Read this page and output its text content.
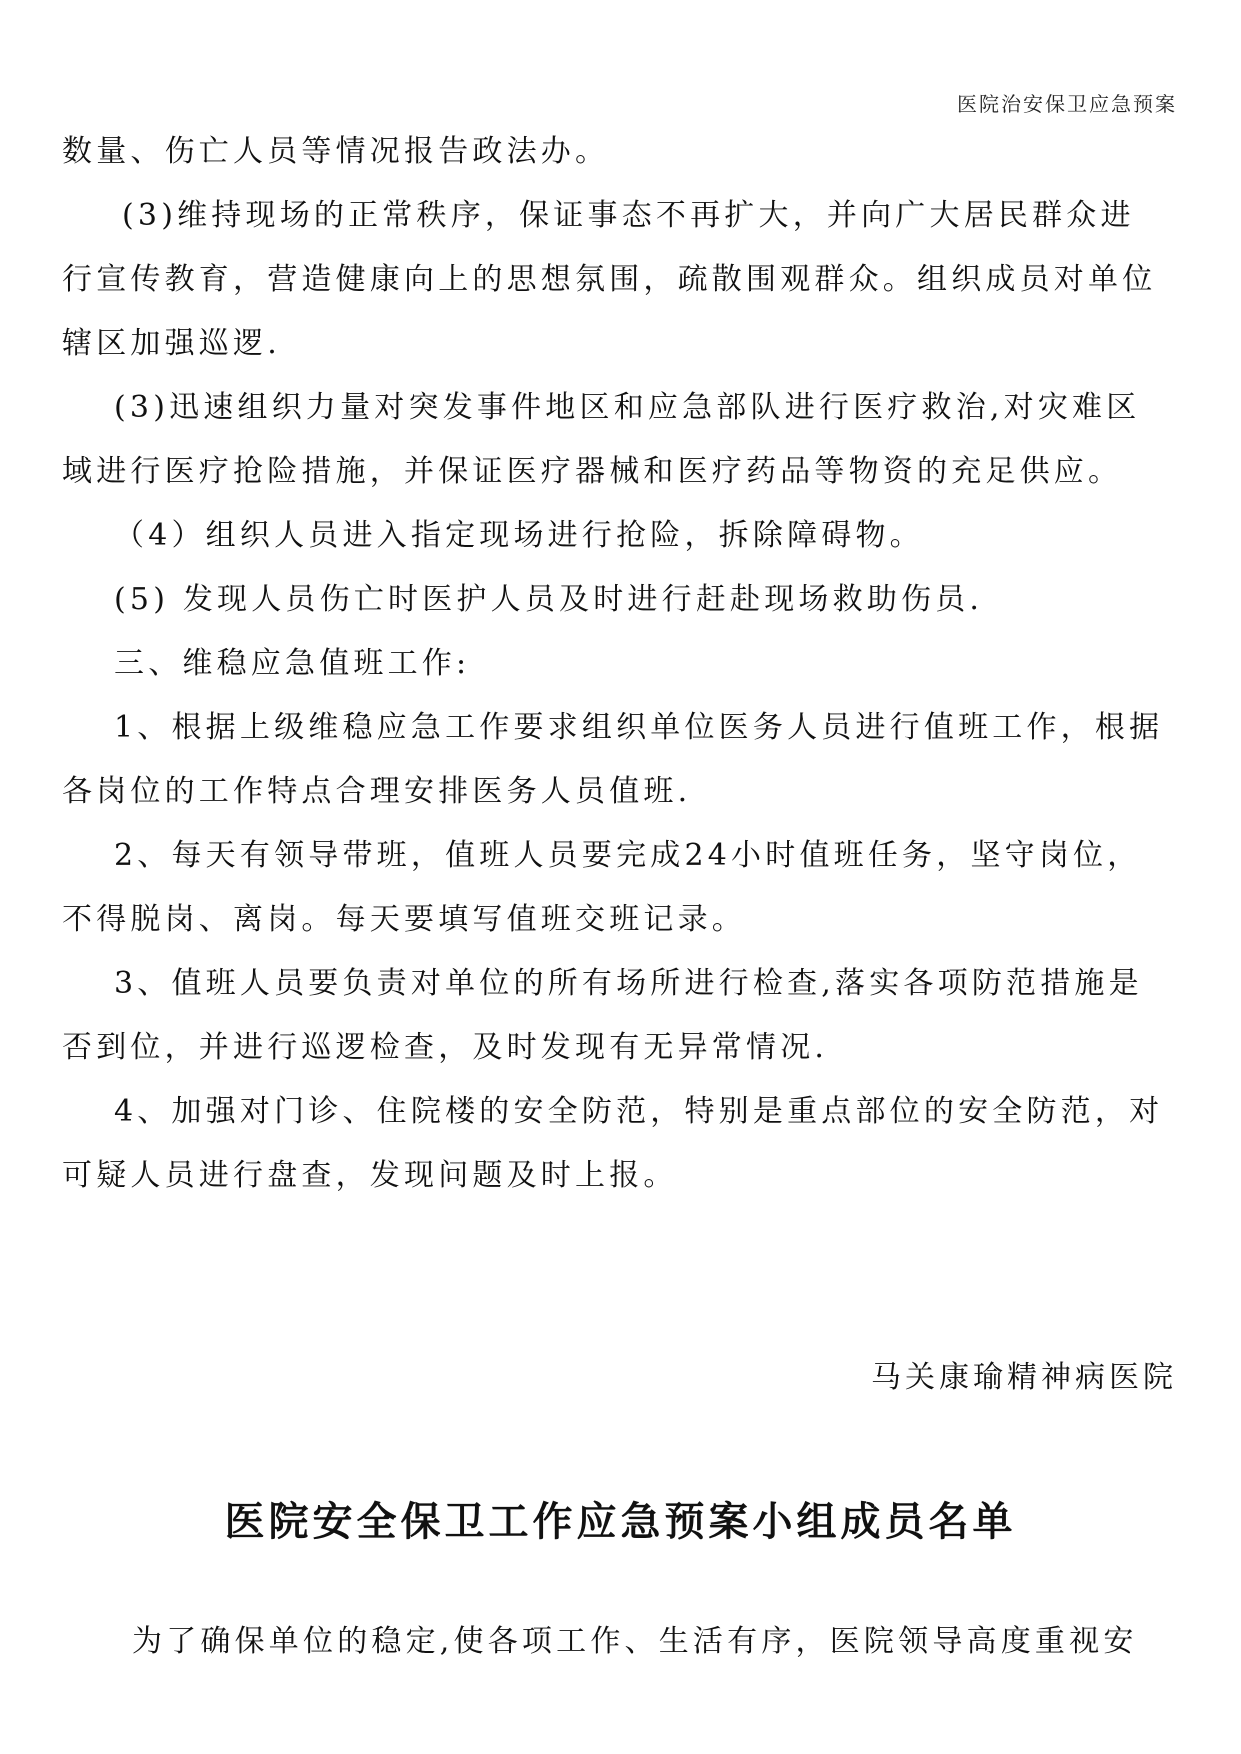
医院治安保卫应急预案
数量、伤亡人员等情况报告政法办。
(3)维持现场的正常秩序，保证事态不再扩大，并向广大居民群众进
行宣传教育，营造健康向上的思想氛围，疏散围观群众。组织成员对单位
辖区加强巡逻.
(3)迅速组织力量对突发事件地区和应急部队进行医疗救治,对灾难区
域进行医疗抢险措施，并保证医疗器械和医疗药品等物资的充足供应。
（4）组织人员进入指定现场进行抢险，拆除障碍物。
(5) 发现人员伤亡时医护人员及时进行赶赴现场救助伤员.
三、维稳应急值班工作:
1、根据上级维稳应急工作要求组织单位医务人员进行值班工作，根据
各岗位的工作特点合理安排医务人员值班.
2、每天有领导带班，值班人员要完成24小时值班任务，坚守岗位，
不得脱岗、离岗。每天要填写值班交班记录。
3、值班人员要负责对单位的所有场所进行检查,落实各项防范措施是
否到位，并进行巡逻检查，及时发现有无异常情况.
4、加强对门诊、住院楼的安全防范，特别是重点部位的安全防范，对
可疑人员进行盘查，发现问题及时上报。
马关康瑜精神病医院
医院安全保卫工作应急预案小组成员名单
为了确保单位的稳定,使各项工作、生活有序，医院领导高度重视安
